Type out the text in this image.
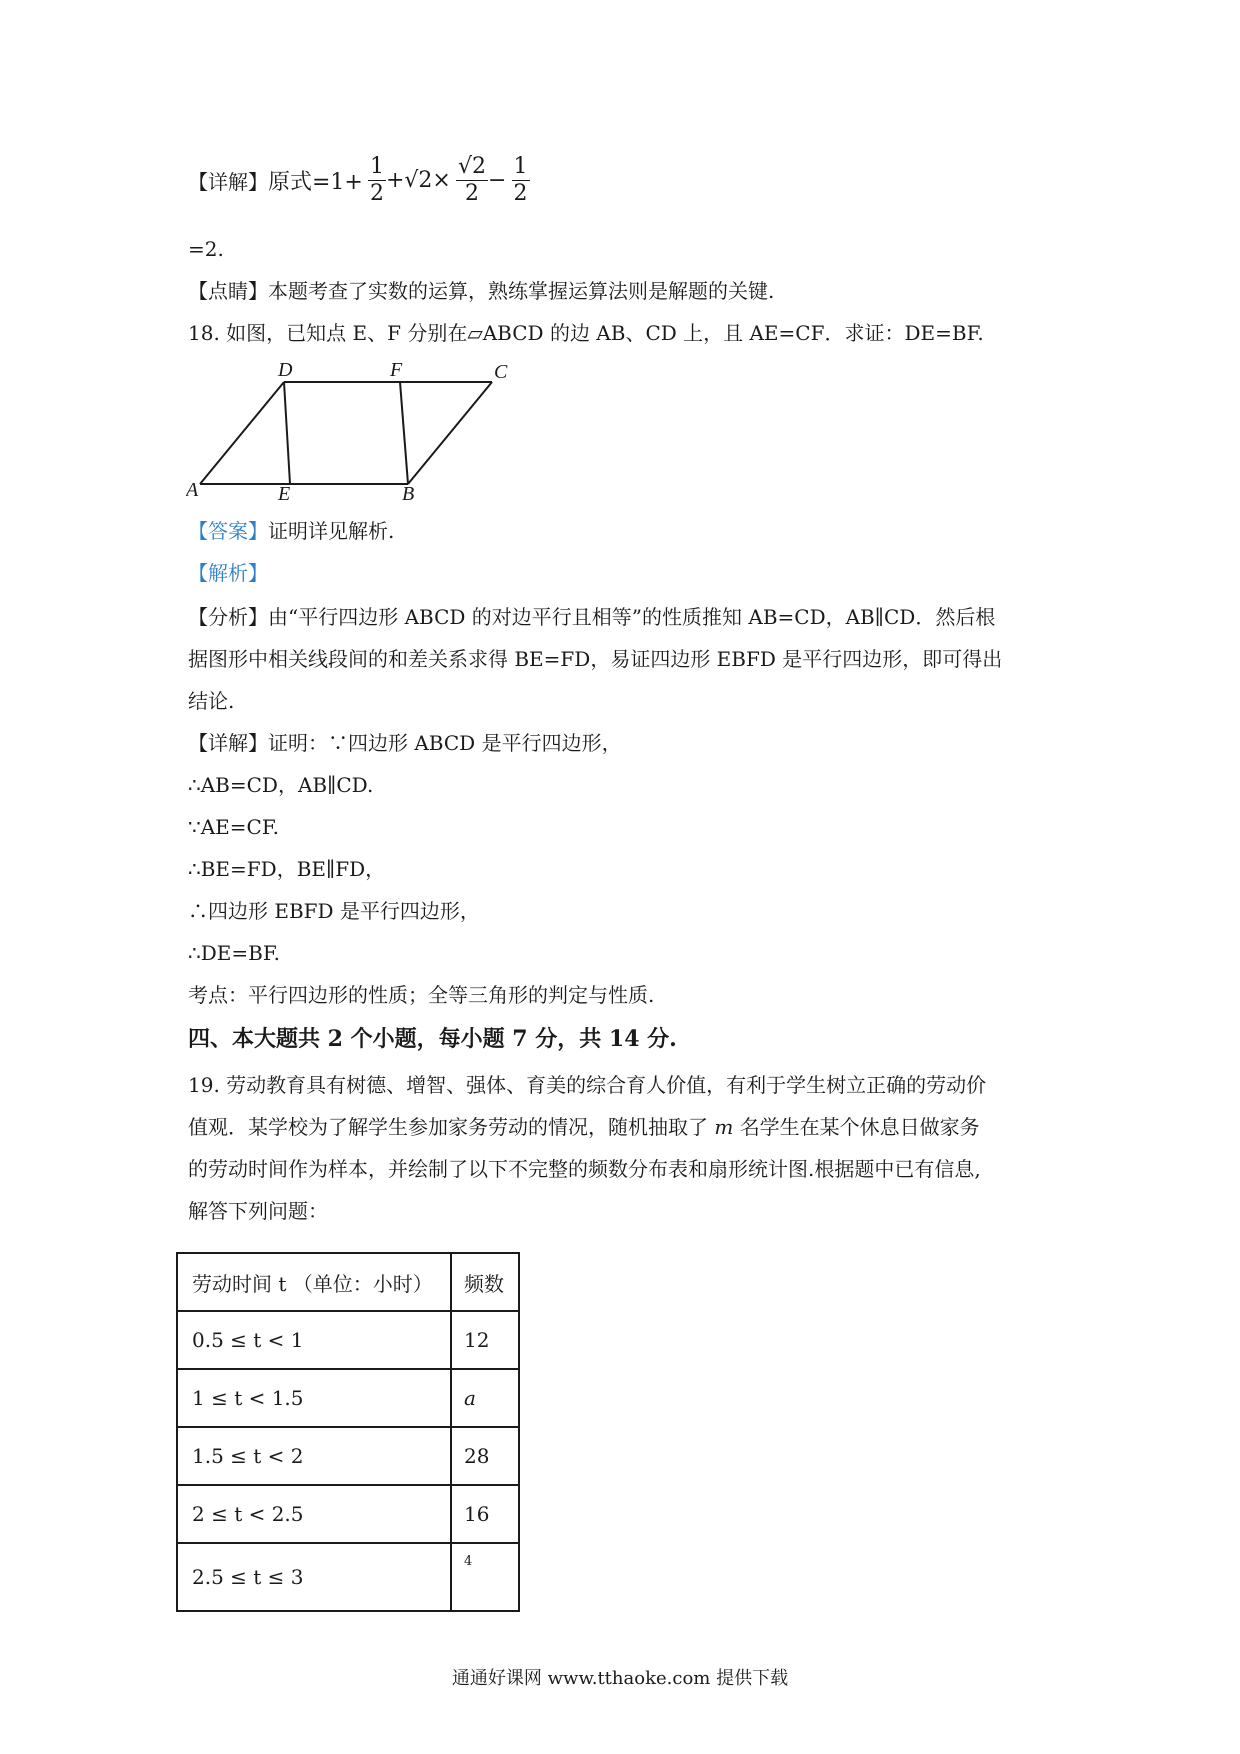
【详解】原式$=1+ \frac{1}{2} +√2\times \frac{√2}{2} - \frac{1}{2}$
=2.
【点睛】本题考查了实数的运算，熟练掌握运算法则是解题的关键.
18. 如图，已知点 E、F 分别在▱ABCD 的边 AB、CD 上，且 AE=CF．求证：DE=BF.
A
D	F	C
E	B
【答案】证明详见解析.
【解析】
【分析】由“平行四边形 ABCD 的对边平行且相等”的性质推知 AB=CD，AB∥CD．然后根
据图形中相关线段间的和差关系求得 BE=FD，易证四边形 EBFD 是平行四边形，即可得出
结论.
【详解】证明：∵四边形 ABCD 是平行四边形，
∴AB=CD，AB∥CD.
∵AE=CF.
∴BE=FD，BE∥FD，
∴四边形 EBFD 是平行四边形，
∴DE=BF.
考点：平行四边形的性质；全等三角形的判定与性质.
四、本大题共 2 个小题，每小题 7 分，共 14 分.
19. 劳动教育具有树德、增智、强体、育美的综合育人价值，有利于学生树立正确的劳动价
值观．某学校为了解学生参加家务劳动的情况，随机抽取了 m 名学生在某个休息日做家务
的劳动时间作为样本，并绘制了以下不完整的频数分布表和扇形统计图.根据题中已有信息,
解答下列问题：
劳动时间 t （单位：小时）	频数
0.5 ≤ t < 1	12
1 ≤ t < 1.5	a
1.5 ≤ t < 2	28
2 ≤ t < 2.5	16
2.5 ≤ t ≤ 3	4
通通好课网 www.tthaoke.com 提供下载
